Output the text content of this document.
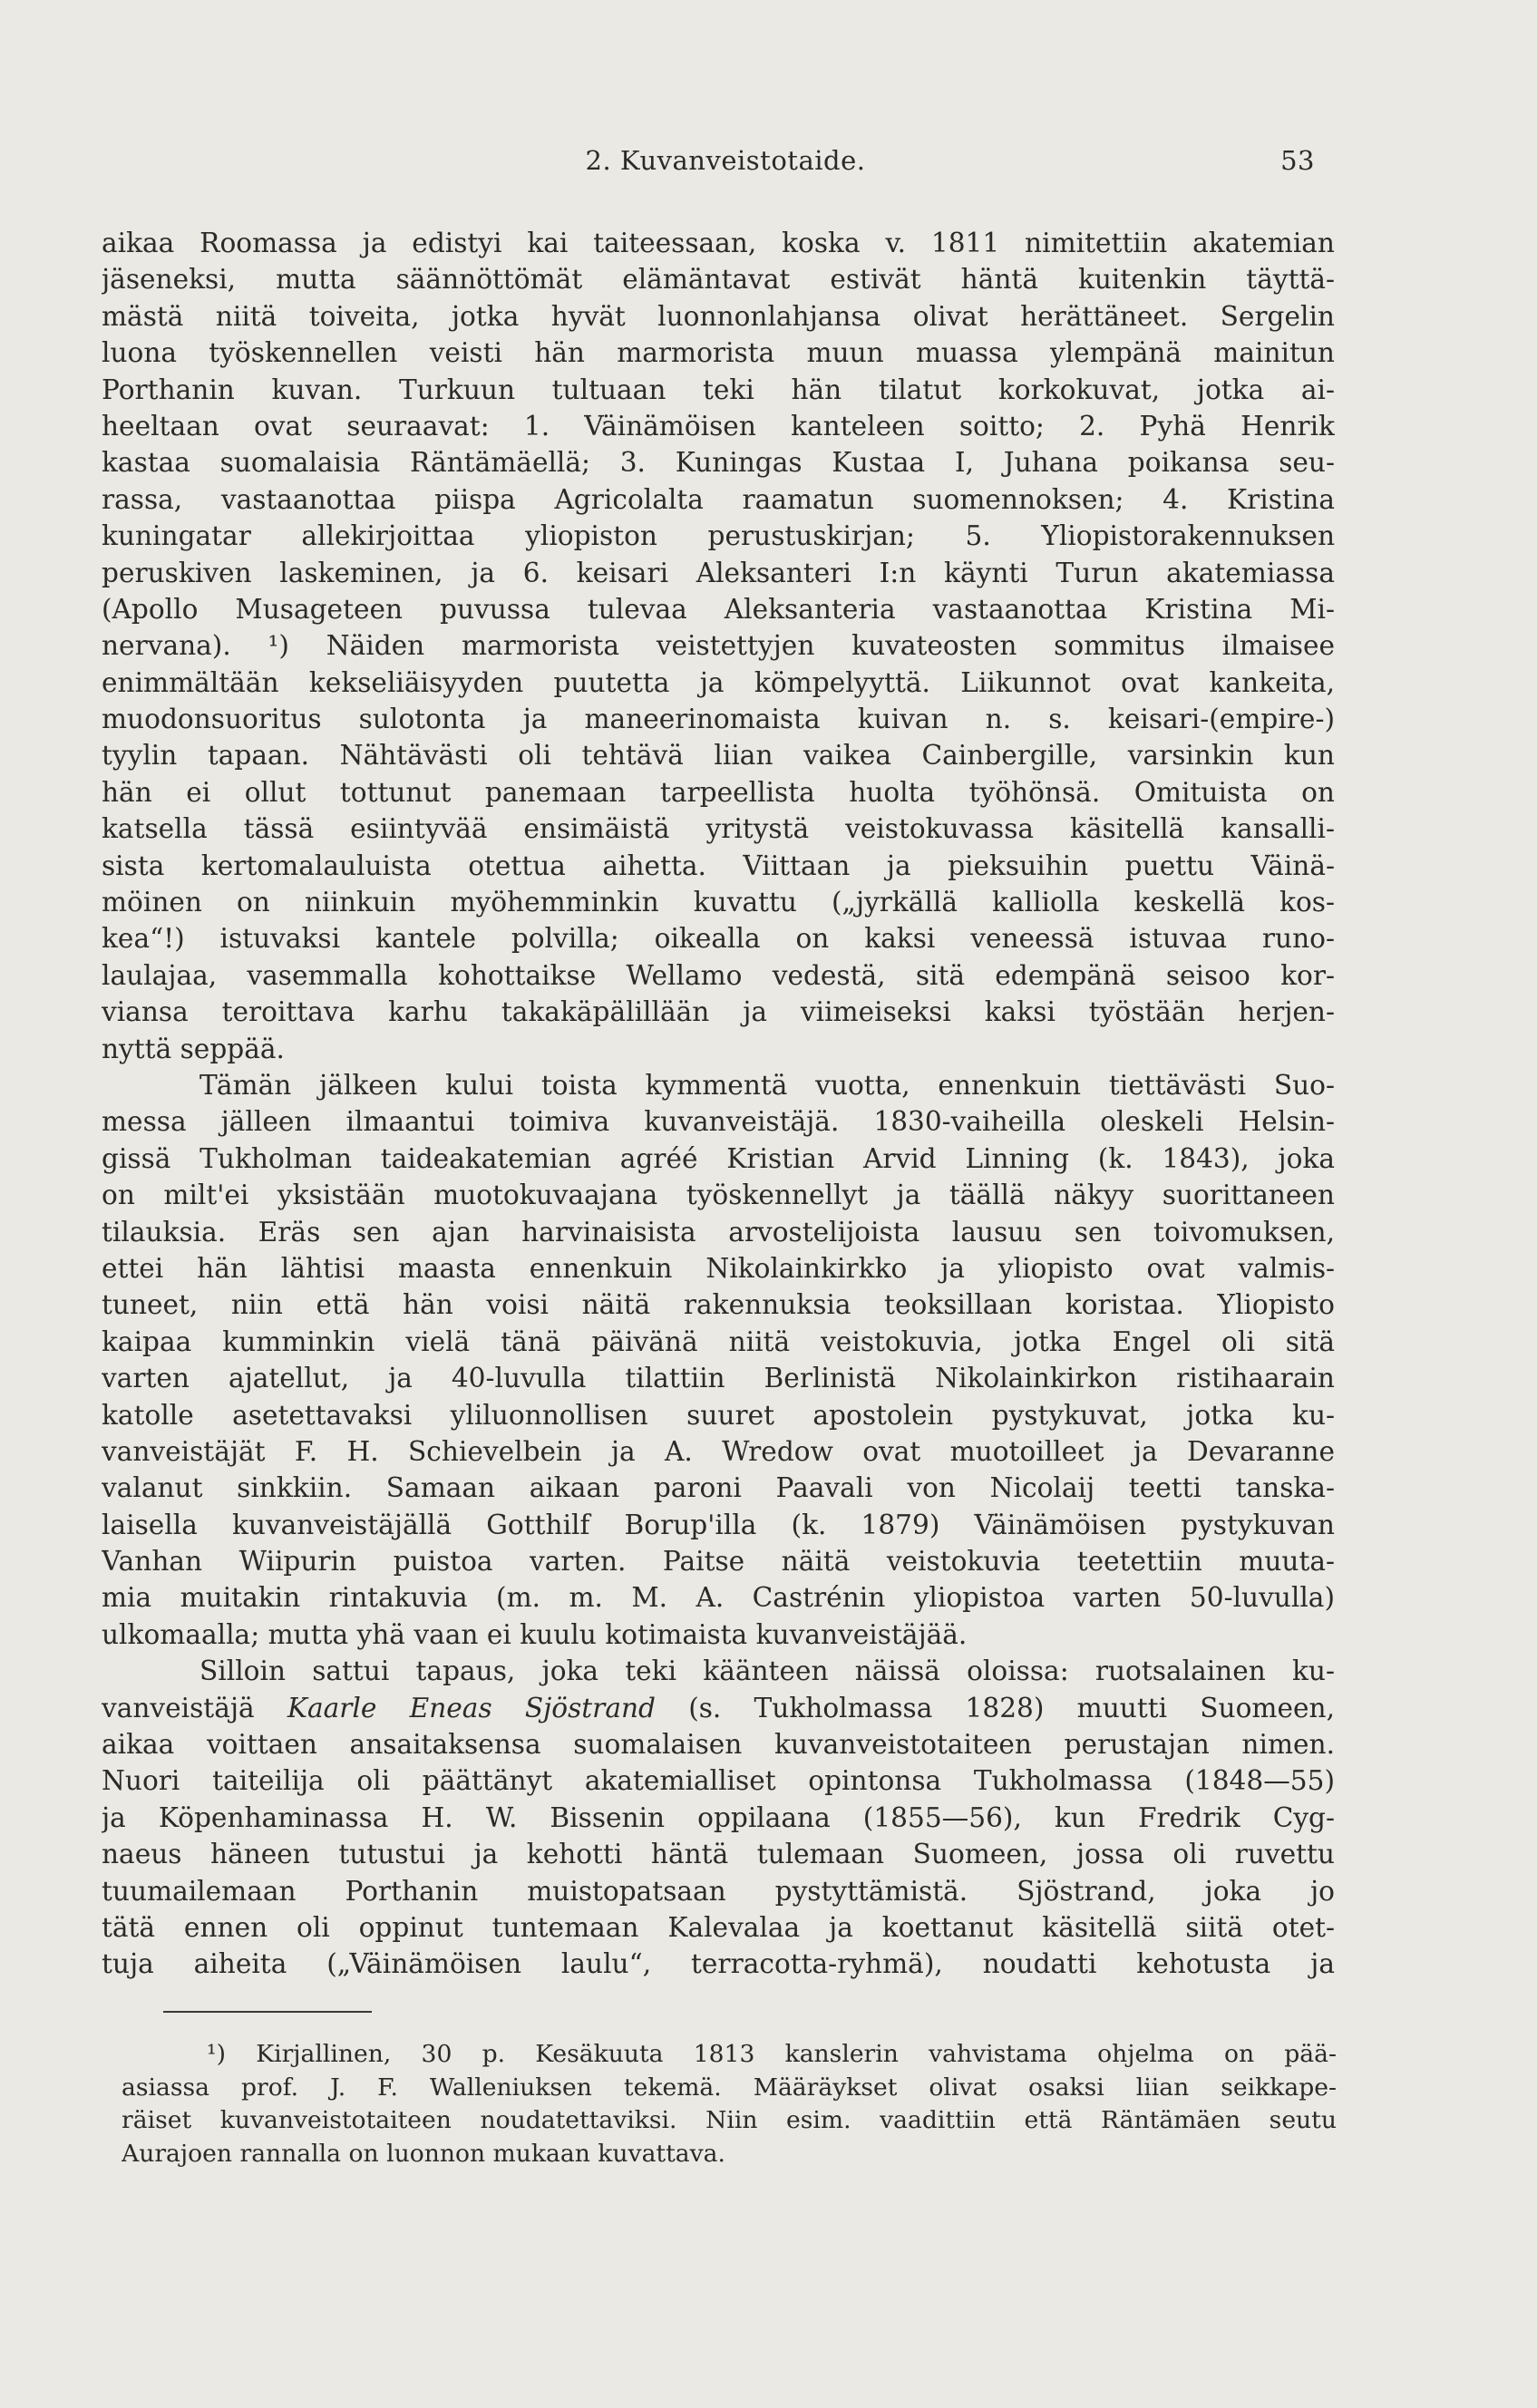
2. Kuvanveistotaide.	53
aikaa Roomassa ja edistyi kai taiteessaan, koska v. 1811 nimitettiin akatemian
jäseneksi, mutta säännöttömät elämäntavat estivät häntä kuitenkin täyttä-
mästä niitä toiveita, jotka hyvät luonnonlahjansa olivat herättäneet. Sergelin
luona työskennellen veisti hän marmorista muun muassa ylempänä mainitun
Porthanin kuvan. Turkuun tultuaan teki hän tilatut korkokuvat, jotka ai-
heeltaan ovat seuraavat: 1. Väinämöisen kanteleen soitto; 2. Pyhä Henrik
kastaa suomalaisia Räntämäellä; 3. Kuningas Kustaa I, Juhana poikansa seu-
rassa, vastaanottaa piispa Agricolalta raamatun suomennoksen; 4. Kristina
kuningatar allekirjoittaa yliopiston perustuskirjan; 5. Yliopistorakennuksen
peruskiven laskeminen, ja 6. keisari Aleksanteri I:n käynti Turun akatemiassa
(Apollo Musageteen puvussa tulevaa Aleksanteria vastaanottaa Kristina Mi-
nervana). ¹) Näiden marmorista veistettyjen kuvateosten sommitus ilmaisee
enimmältään kekseliäisyyden puutetta ja kömpelyyttä. Liikunnot ovat kankeita,
muodonsuoritus sulotonta ja maneerinomaista kuivan n. s. keisari-(empire-)
tyylin tapaan. Nähtävästi oli tehtävä liian vaikea Cainbergille, varsinkin kun
hän ei ollut tottunut panemaan tarpeellista huolta työhönsä. Omituista on
katsella tässä esiintyvää ensimäistä yritystä veistokuvassa käsitellä kansalli-
sista kertomalauluista otettua aihetta. Viittaan ja pieksuihin puettu Väinä-
möinen on niinkuin myöhemminkin kuvattu („jyrkällä kalliolla keskellä kos-
kea“!) istuvaksi kantele polvilla; oikealla on kaksi veneessä istuvaa runo-
laulajaa, vasemmalla kohottaikse Wellamo vedestä, sitä edempänä seisoo kor-
viansa teroittava karhu takakäpälillään ja viimeiseksi kaksi työstään herjen-
nyttä seppää.
Tämän jälkeen kului toista kymmentä vuotta, ennenkuin tiettävästi Suo-
messa jälleen ilmaantui toimiva kuvanveistäjä. 1830-vaiheilla oleskeli Helsin-
gissä Tukholman taideakatemian agréé Kristian Arvid Linning (k. 1843), joka
on milt'ei yksistään muotokuvaajana työskennellyt ja täällä näkyy suorittaneen
tilauksia. Eräs sen ajan harvinaisista arvostelijoista lausuu sen toivomuksen,
ettei hän lähtisi maasta ennenkuin Nikolainkirkko ja yliopisto ovat valmis-
tuneet, niin että hän voisi näitä rakennuksia teoksillaan koristaa. Yliopisto
kaipaa kumminkin vielä tänä päivänä niitä veistokuvia, jotka Engel oli sitä
varten ajatellut, ja 40-luvulla tilattiin Berlinistä Nikolainkirkon ristihaarain
katolle asetettavaksi yliluonnollisen suuret apostolein pystykuvat, jotka ku-
vanveistäjät F. H. Schievelbein ja A. Wredow ovat muotoilleet ja Devaranne
valanut sinkkiin. Samaan aikaan paroni Paavali von Nicolaij teetti tanska-
laisella kuvanveistäjällä Gotthilf Borup'illa (k. 1879) Väinämöisen pystykuvan
Vanhan Wiipurin puistoa varten. Paitse näitä veistokuvia teetettiin muuta-
mia muitakin rintakuvia (m. m. M. A. Castrénin yliopistoa varten 50-luvulla)
ulkomaalla; mutta yhä vaan ei kuulu kotimaista kuvanveistäjää.
Silloin sattui tapaus, joka teki käänteen näissä oloissa: ruotsalainen ku-
vanveistäjä Kaarle Eneas Sjöstrand (s. Tukholmassa 1828) muutti Suomeen,
aikaa voittaen ansaitaksensa suomalaisen kuvanveistotaiteen perustajan nimen.
Nuori taiteilija oli päättänyt akatemialliset opintonsa Tukholmassa (1848—55)
ja Köpenhaminassa H. W. Bissenin oppilaana (1855—56), kun Fredrik Cyg-
naeus häneen tutustui ja kehotti häntä tulemaan Suomeen, jossa oli ruvettu
tuumailemaan Porthanin muistopatsaan pystyttämistä. Sjöstrand, joka jo
tätä ennen oli oppinut tuntemaan Kalevalaa ja koettanut käsitellä siitä otet-
tuja aiheita („Väinämöisen laulu“, terracotta-ryhmä), noudatti kehotusta ja
¹) Kirjallinen, 30 p. Kesäkuuta 1813 kanslerin vahvistama ohjelma on pää-
asiassa prof. J. F. Walleniuksen tekemä. Määräykset olivat osaksi liian seikkape-
räiset kuvanveistotaiteen noudatettaviksi. Niin esim. vaadittiin että Räntämäen seutu
Aurajoen rannalla on luonnon mukaan kuvattava.
